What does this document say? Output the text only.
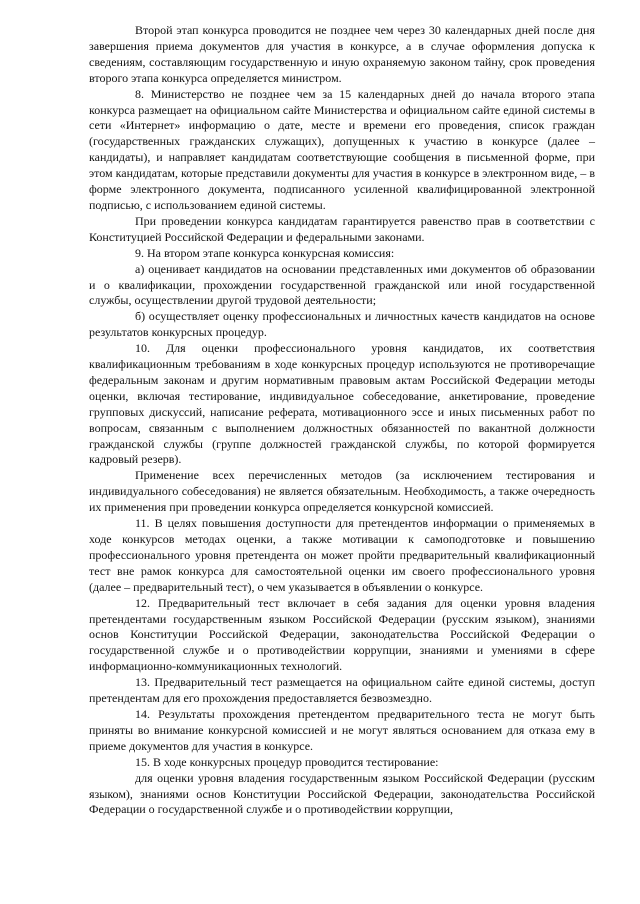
Второй этап конкурса проводится не позднее чем через 30 календарных дней после дня завершения приема документов для участия в конкурсе, а в случае оформления допуска к сведениям, составляющим государственную и иную охраняемую законом тайну, срок проведения второго этапа конкурса определяется министром.

8. Министерство не позднее чем за 15 календарных дней до начала второго этапа конкурса размещает на официальном сайте Министерства и официальном сайте единой системы в сети «Интернет» информацию о дате, месте и времени его проведения, список граждан (государственных гражданских служащих), допущенных к участию в конкурсе (далее – кандидаты), и направляет кандидатам соответствующие сообщения в письменной форме, при этом кандидатам, которые представили документы для участия в конкурсе в электронном виде, – в форме электронного документа, подписанного усиленной квалифицированной электронной подписью, с использованием единой системы.

При проведении конкурса кандидатам гарантируется равенство прав в соответствии с Конституцией Российской Федерации и федеральными законами.

9. На втором этапе конкурса конкурсная комиссия:

а) оценивает кандидатов на основании представленных ими документов об образовании и о квалификации, прохождении государственной гражданской или иной государственной службы, осуществлении другой трудовой деятельности;

б) осуществляет оценку профессиональных и личностных качеств кандидатов на основе результатов конкурсных процедур.

10. Для оценки профессионального уровня кандидатов, их соответствия квалификационным требованиям в ходе конкурсных процедур используются не противоречащие федеральным законам и другим нормативным правовым актам Российской Федерации методы оценки, включая тестирование, индивидуальное собеседование, анкетирование, проведение групповых дискуссий, написание реферата, мотивационного эссе и иных письменных работ по вопросам, связанным с выполнением должностных обязанностей по вакантной должности гражданской службы (группе должностей гражданской службы, по которой формируется кадровый резерв).

Применение всех перечисленных методов (за исключением тестирования и индивидуального собеседования) не является обязательным. Необходимость, а также очередность их применения при проведении конкурса определяется конкурсной комиссией.

11. В целях повышения доступности для претендентов информации о применяемых в ходе конкурсов методах оценки, а также мотивации к самоподготовке и повышению профессионального уровня претендента он может пройти предварительный квалификационный тест вне рамок конкурса для самостоятельной оценки им своего профессионального уровня (далее – предварительный тест), о чем указывается в объявлении о конкурсе.

12. Предварительный тест включает в себя задания для оценки уровня владения претендентами государственным языком Российской Федерации (русским языком), знаниями основ Конституции Российской Федерации, законодательства Российской Федерации о государственной службе и о противодействии коррупции, знаниями и умениями в сфере информационно-коммуникационных технологий.

13. Предварительный тест размещается на официальном сайте единой системы, доступ претендентам для его прохождения предоставляется безвозмездно.

14. Результаты прохождения претендентом предварительного теста не могут быть приняты во внимание конкурсной комиссией и не могут являться основанием для отказа ему в приеме документов для участия в конкурсе.

15. В ходе конкурсных процедур проводится тестирование:

для оценки уровня владения государственным языком Российской Федерации (русским языком), знаниями основ Конституции Российской Федерации, законодательства Российской Федерации о государственной службе и о противодействии коррупции,
